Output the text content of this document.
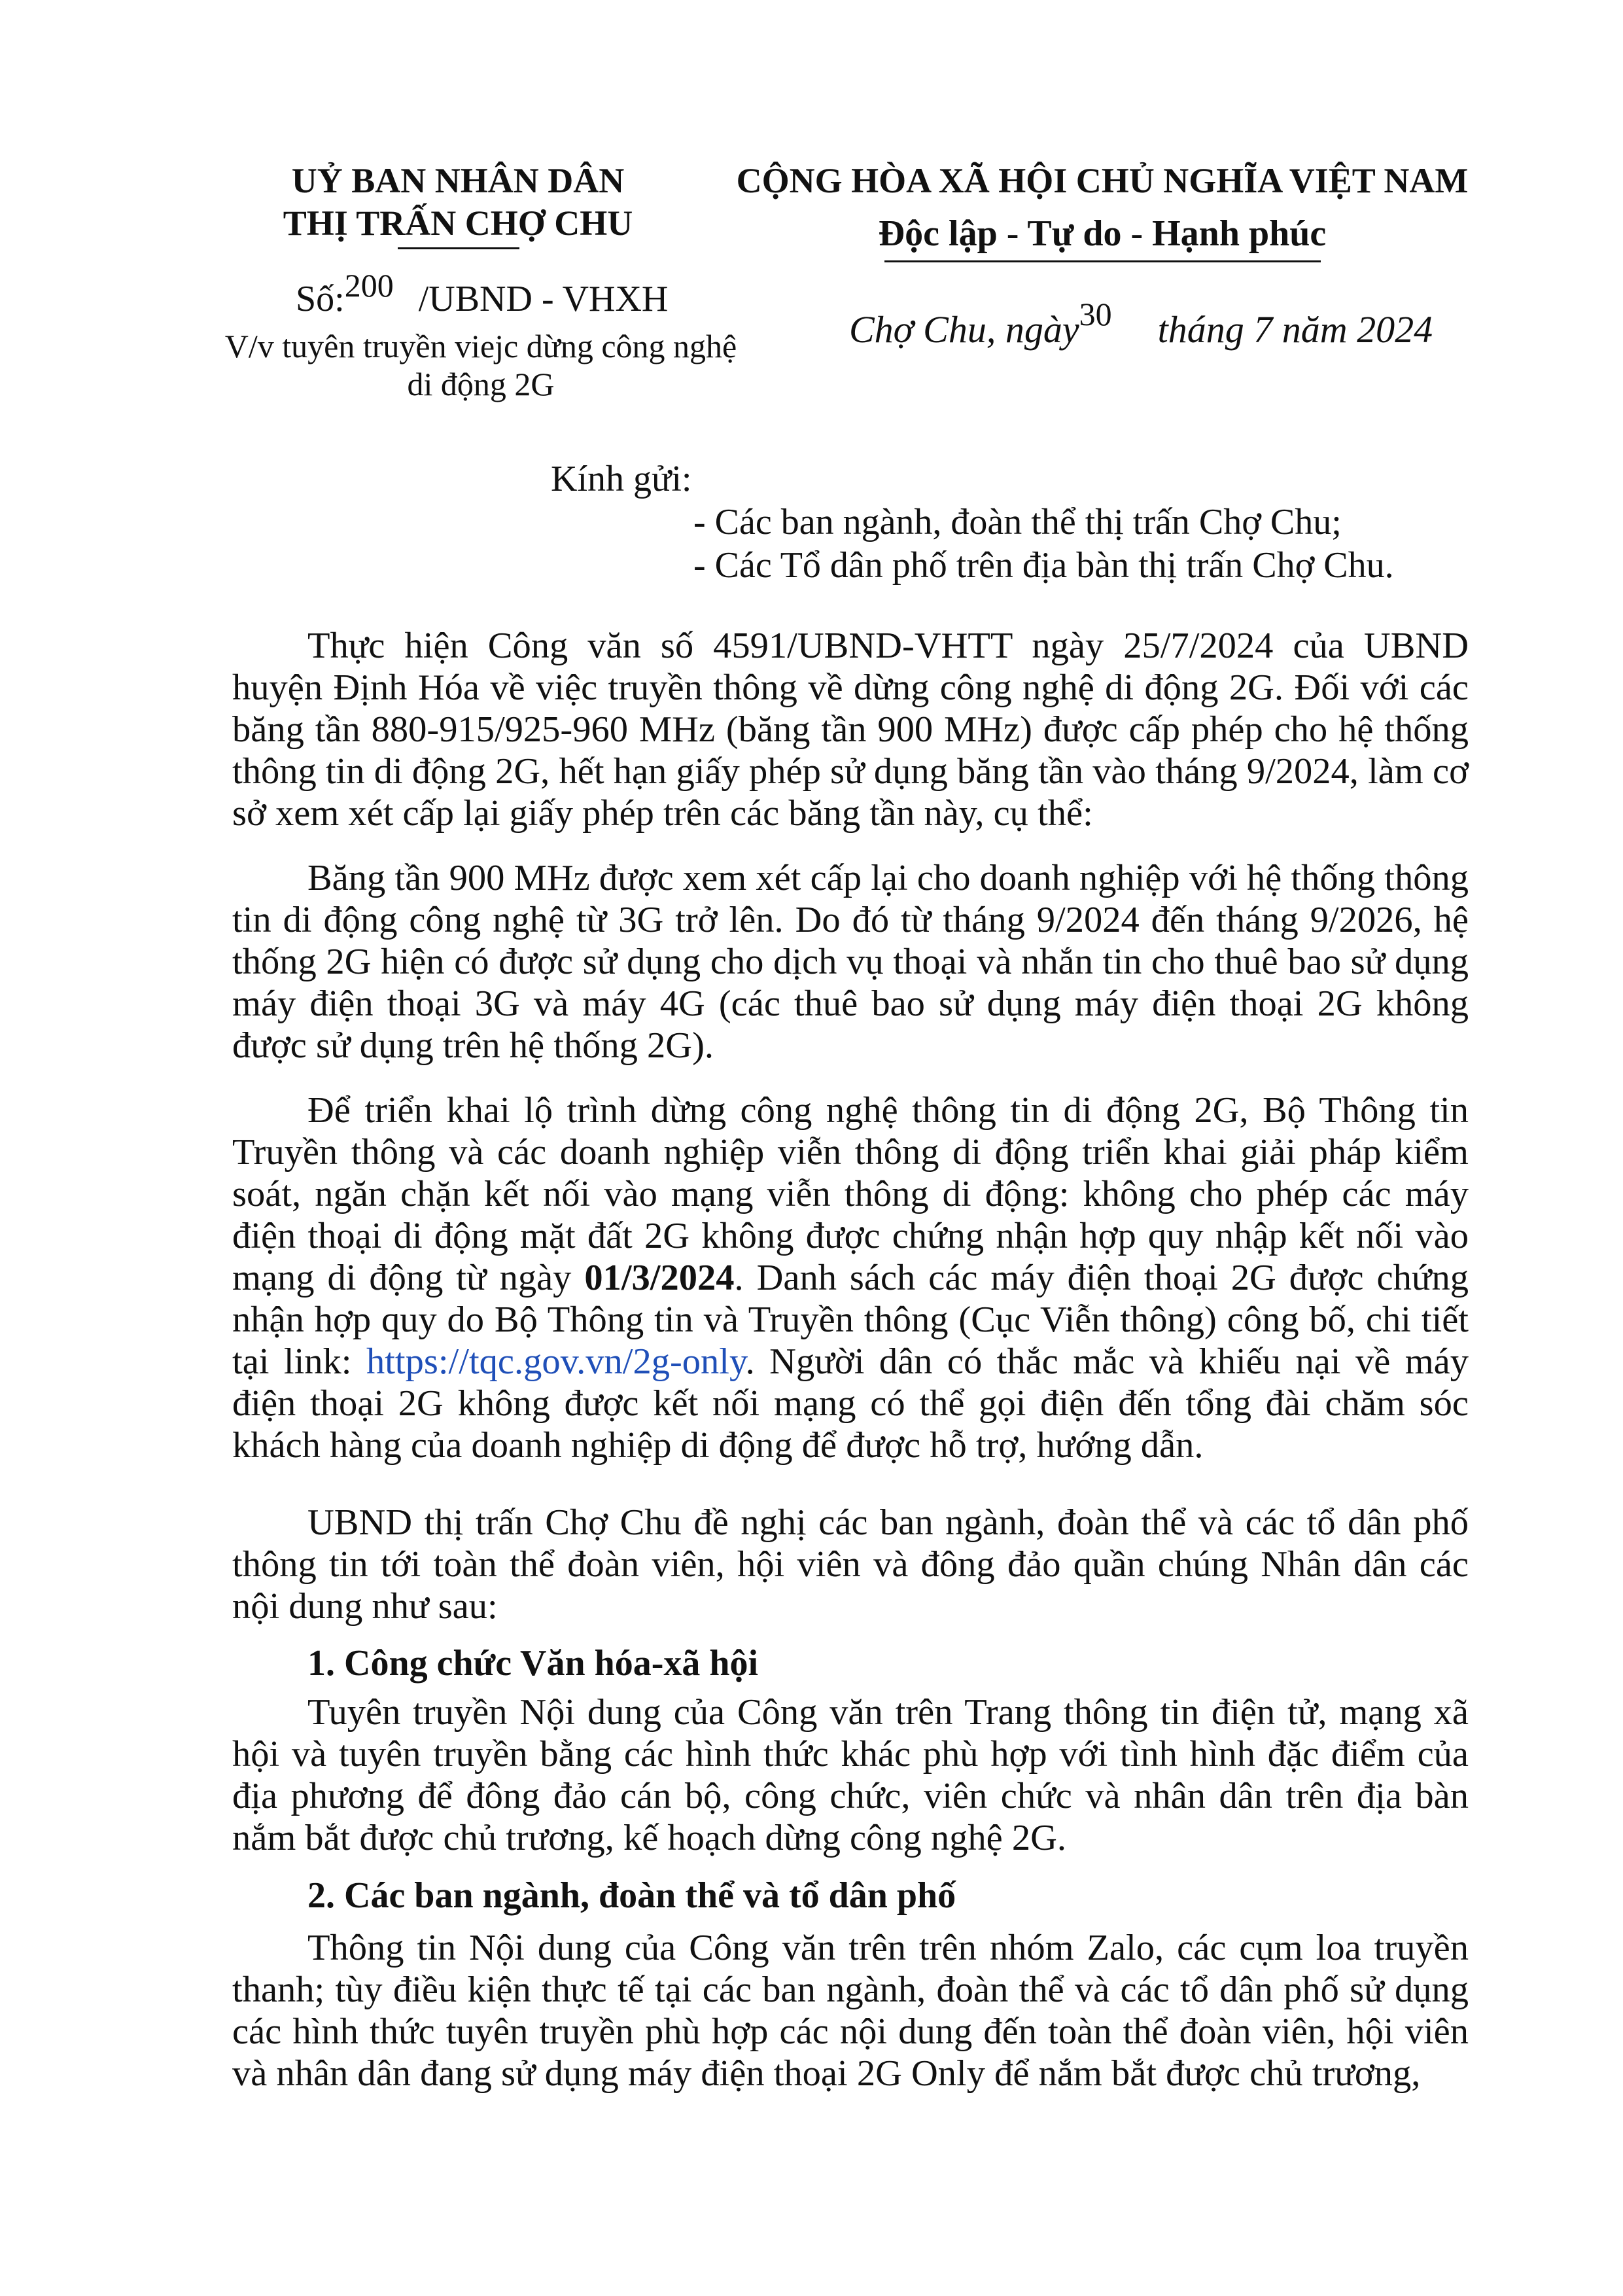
UỶ BAN NHÂN DÂN
THỊ TRẤN CHỢ CHU
CỘNG HÒA XÃ HỘI CHỦ NGHĨA VIỆT NAM
Độc lập - Tự do - Hạnh phúc
Số:200 /UBND - VHXH
V/v tuyên truyền viejc dừng công nghệ
di động 2G
Chợ Chu, ngày30 tháng 7 năm 2024
Kính gửi:
- Các ban ngành, đoàn thể thị trấn Chợ Chu;
- Các Tổ dân phố trên địa bàn thị trấn Chợ Chu.
Thực hiện Công văn số 4591/UBND-VHTT ngày 25/7/2024 của UBND huyện Định Hóa về việc truyền thông về dừng công nghệ di động 2G. Đối với các băng tần 880-915/925-960 MHz (băng tần 900 MHz) được cấp phép cho hệ thống thông tin di động 2G, hết hạn giấy phép sử dụng băng tần vào tháng 9/2024, làm cơ sở xem xét cấp lại giấy phép trên các băng tần này, cụ thể:
Băng tần 900 MHz được xem xét cấp lại cho doanh nghiệp với hệ thống thông tin di động công nghệ từ 3G trở lên. Do đó từ tháng 9/2024 đến tháng 9/2026, hệ thống 2G hiện có được sử dụng cho dịch vụ thoại và nhắn tin cho thuê bao sử dụng máy điện thoại 3G và máy 4G (các thuê bao sử dụng máy điện thoại 2G không được sử dụng trên hệ thống 2G).
Để triển khai lộ trình dừng công nghệ thông tin di động 2G, Bộ Thông tin Truyền thông và các doanh nghiệp viễn thông di động triển khai giải pháp kiểm soát, ngăn chặn kết nối vào mạng viễn thông di động: không cho phép các máy điện thoại di động mặt đất 2G không được chứng nhận hợp quy nhập kết nối vào mạng di động từ ngày 01/3/2024. Danh sách các máy điện thoại 2G được chứng nhận hợp quy do Bộ Thông tin và Truyền thông (Cục Viễn thông) công bố, chi tiết tại link: https://tqc.gov.vn/2g-only. Người dân có thắc mắc và khiếu nại về máy điện thoại 2G không được kết nối mạng có thể gọi điện đến tổng đài chăm sóc khách hàng của doanh nghiệp di động để được hỗ trợ, hướng dẫn.
UBND thị trấn Chợ Chu đề nghị các ban ngành, đoàn thể và các tổ dân phố thông tin tới toàn thể đoàn viên, hội viên và đông đảo quần chúng Nhân dân các nội dung như sau:
1. Công chức Văn hóa-xã hội
Tuyên truyền Nội dung của Công văn trên Trang thông tin điện tử, mạng xã hội và tuyên truyền bằng các hình thức khác phù hợp với tình hình đặc điểm của địa phương để đông đảo cán bộ, công chức, viên chức và nhân dân trên địa bàn nắm bắt được chủ trương, kế hoạch dừng công nghệ 2G.
2. Các ban ngành, đoàn thể và tổ dân phố
Thông tin Nội dung của Công văn trên trên nhóm Zalo, các cụm loa truyền thanh; tùy điều kiện thực tế tại các ban ngành, đoàn thể và các tổ dân phố sử dụng các hình thức tuyên truyền phù hợp các nội dung đến toàn thể đoàn viên, hội viên và nhân dân đang sử dụng máy điện thoại 2G Only để nắm bắt được chủ trương,
